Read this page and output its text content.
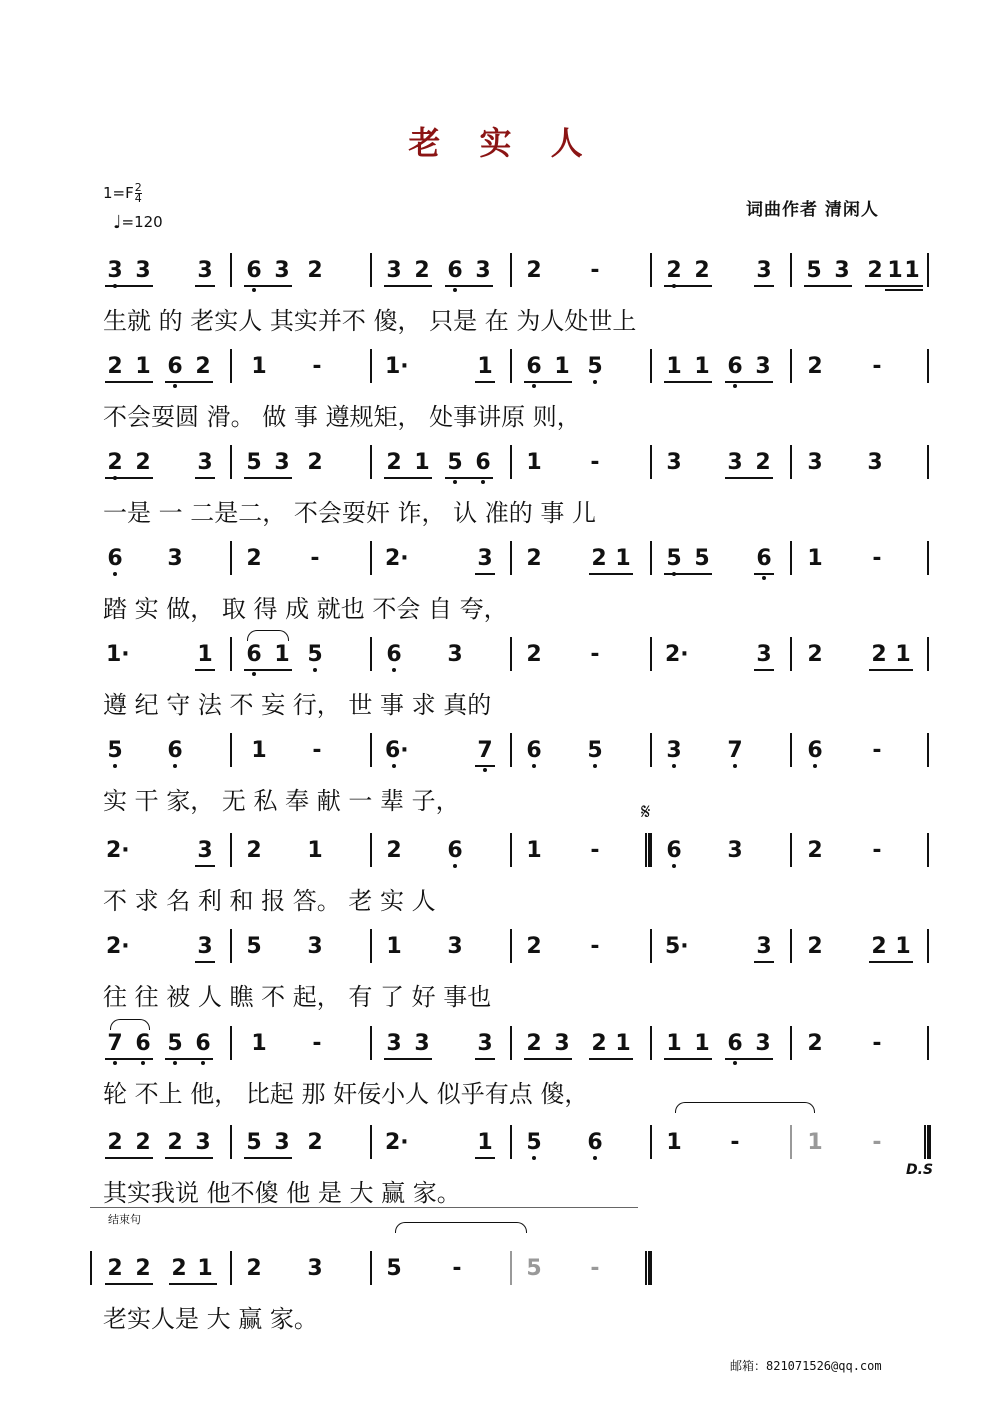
老 实 人
$1=F \frac{2}{4}$
♩=120
词曲作者 清闲人
3 3 3 6 3 2	3 2 6 3 2 -	2 2 3 5 3 2 1 1
生就 的 老实人 其实并不 傻， 只是 在 为人处世上
2 1 6 2 1 -	1·	1 6 1 5	1 1 6 3 2 -
不会耍圆 滑。 做 事 遵规矩， 处事讲原 则，
2 2 3 5 3 2	2 1 5 6 1 -	3 3 2 3 3
一是 一 二是二， 不会耍奸 诈， 认 准的 事 儿
6 3	2 -	2·	3 2 2 1 5 5 6 1 -
踏 实 做， 取 得 成 就也 不会 自 夸，
1·	1 6 1 5	6 3	2 -	2·	3 2 2 1
遵 纪 守 法 不 妄 行， 世 事 求 真的
5 6	1 -	6·	7 6 5	3 7	6 -
实 干 家， 无 私 奉 献 一 辈 子，	𝄋
2·	3 2 1	2 6	1 -	6 3	2 -
不 求 名 利 和 报 答。 老 实 人
2·	3 5 3	1 3	2 -	5·	3 2 2 1
往 往 被 人 瞧 不 起， 有 了 好 事也
7 6 5 6 1 -	3 3 3 2 3 2 1 1 1 6 3 2 -
轮 不上 他， 比起 那 奸佞小人 似乎有点 傻，
2 2 2 3 5 3 2	2·	1 5 6	1 -	1 -
其实我说 他不傻 他 是 大 赢 家。
D.S
结束句
2 2 2 1 2 3	5 -	5 -
老实人是 大 赢 家。
邮箱：821071526@qq.com
